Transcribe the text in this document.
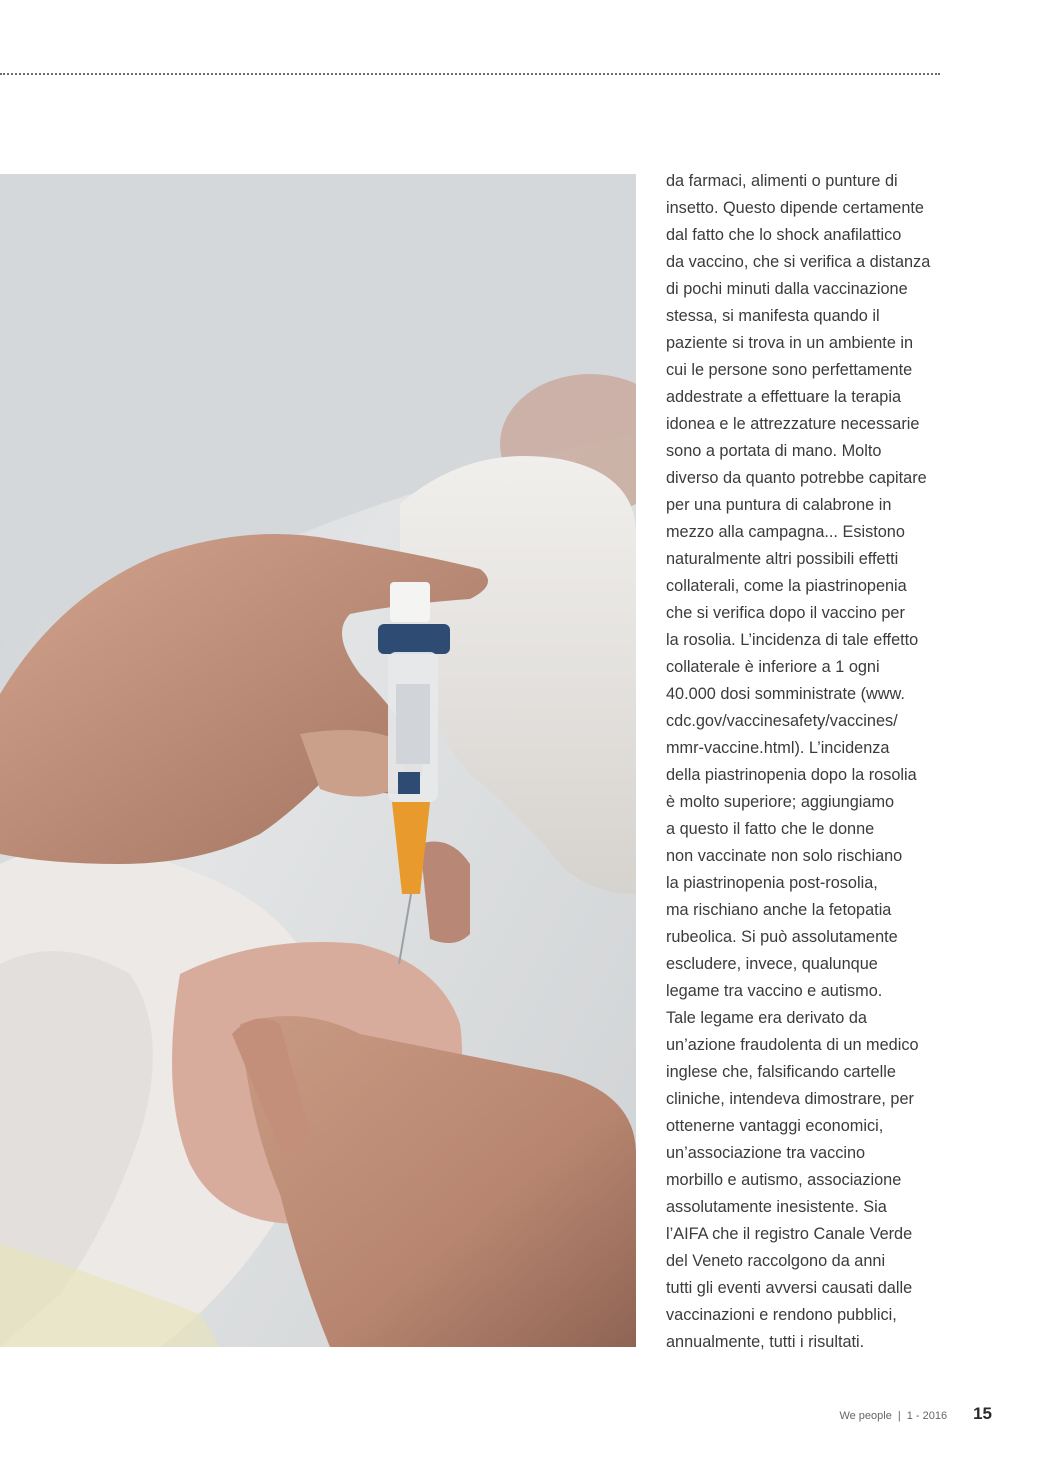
da farmaci, alimenti o punture di
insetto. Questo dipende certamente
dal fatto che lo shock anafilattico
da vaccino, che si verifica a distanza
di pochi minuti dalla vaccinazione
stessa, si manifesta quando il
paziente si trova in un ambiente in
cui le persone sono perfettamente
addestrate a effettuare la terapia
idonea e le attrezzature necessarie
sono a portata di mano. Molto
diverso da quanto potrebbe capitare
per una puntura di calabrone in
mezzo alla campagna... Esistono
naturalmente altri possibili effetti
collaterali, come la piastrinopenia
che si verifica dopo il vaccino per
la rosolia. L’incidenza di tale effetto
collaterale è inferiore a 1 ogni
40.000 dosi somministrate (www.
cdc.gov/vaccinesafety/vaccines/
mmr-vaccine.html). L’incidenza
della piastrinopenia dopo la rosolia
è molto superiore; aggiungiamo
a questo il fatto che le donne
non vaccinate non solo rischiano
la piastrinopenia post-rosolia,
ma rischiano anche la fetopatia
rubeolica. Si può assolutamente
escludere, invece, qualunque
legame tra vaccino e autismo.
Tale legame era derivato da
un’azione fraudolenta di un medico
inglese che, falsificando cartelle
cliniche, intendeva dimostrare, per
ottenerne vantaggi economici,
un’associazione tra vaccino
morbillo e autismo, associazione
assolutamente inesistente. Sia
l’AIFA che il registro Canale Verde
del Veneto raccolgono da anni
tutti gli eventi avversi causati dalle
vaccinazioni e rendono pubblici,
annualmente, tutti i risultati.
We people | 1 - 2016 15
